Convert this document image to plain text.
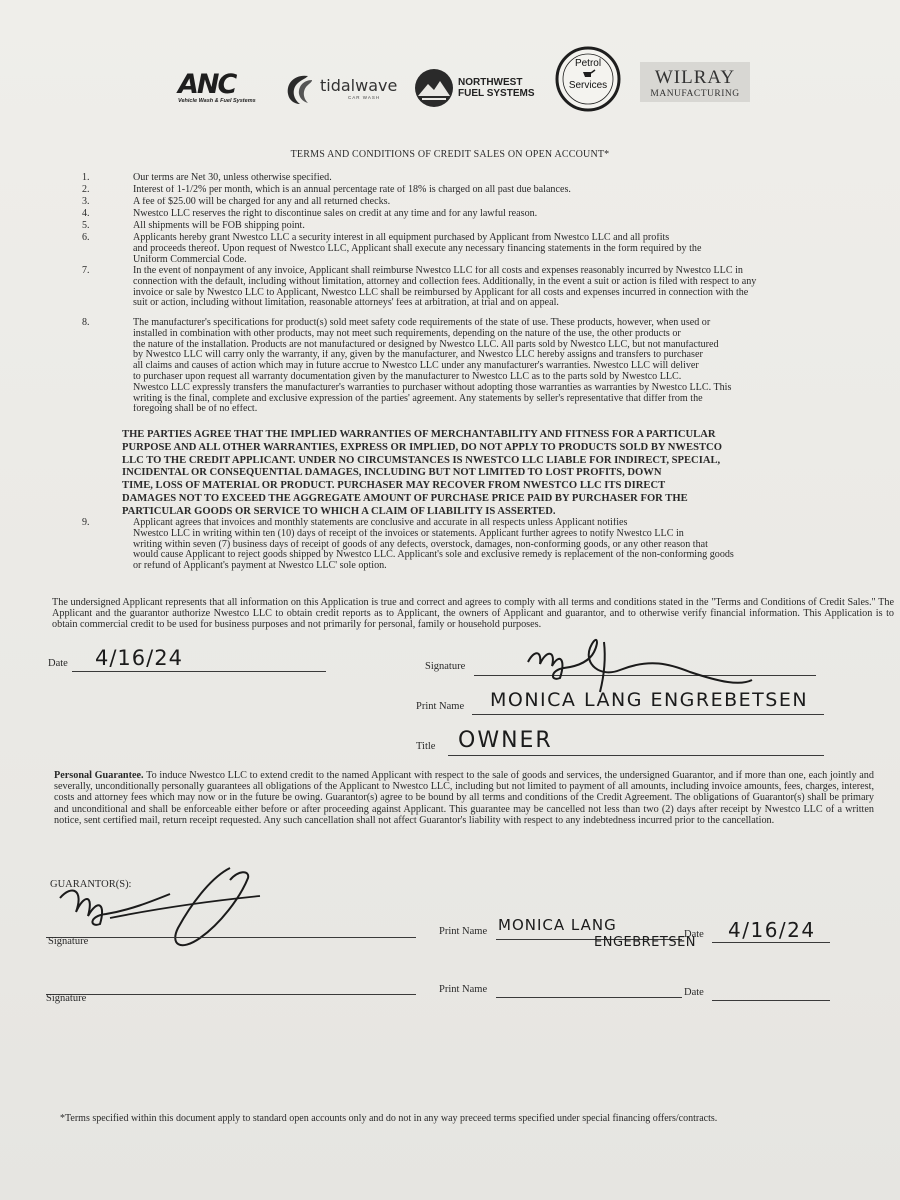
ANC
Vehicle Wash & Fuel Systems
tidalwave
CAR WASH
NORTHWEST
FUEL SYSTEMS
Petrol
Services	WILRAY
MANUFACTURING
TERMS AND CONDITIONS OF CREDIT SALES ON OPEN ACCOUNT*
1.	Our terms are Net 30, unless otherwise specified.
2.	Interest of 1-1/2% per month, which is an annual percentage rate of 18% is charged on all past due balances.
3.	A fee of $25.00 will be charged for any and all returned checks.
4.	Nwestco LLC reserves the right to discontinue sales on credit at any time and for any lawful reason.
5.	All shipments will be FOB shipping point.
6.	Applicants hereby grant Nwestco LLC a security interest in all equipment purchased by Applicant from Nwestco LLC and all profits
and proceeds thereof. Upon request of Nwestco LLC, Applicant shall execute any necessary financing statements in the form required by the
Uniform Commercial Code.
7.	In the event of nonpayment of any invoice, Applicant shall reimburse Nwestco LLC for all costs and expenses reasonably incurred by Nwestco LLC in
connection with the default, including without limitation, attorney and collection fees. Additionally, in the event a suit or action is filed with respect to any
invoice or sale by Nwestco LLC to Applicant, Nwestco LLC shall be reimbursed by Applicant for all costs and expenses incurred in connection with the
suit or action, including without limitation, reasonable attorneys' fees at arbitration, at trial and on appeal.
8.	The manufacturer's specifications for product(s) sold meet safety code requirements of the state of use. These products, however, when used or
installed in combination with other products, may not meet such requirements, depending on the nature of the use, the other products or
the nature of the installation. Products are not manufactured or designed by Nwestco LLC. All parts sold by Nwestco LLC, but not manufactured
by Nwestco LLC will carry only the warranty, if any, given by the manufacturer, and Nwestco LLC hereby assigns and transfers to purchaser
all claims and causes of action which may in future accrue to Nwestco LLC under any manufacturer's warranties. Nwestco LLC will deliver
to purchaser upon request all warranty documentation given by the manufacturer to Nwestco LLC as to the parts sold by Nwestco LLC.
Nwestco LLC expressly transfers the manufacturer's warranties to purchaser without adopting those warranties as warranties by Nwestco LLC. This
writing is the final, complete and exclusive expression of the parties' agreement. Any statements by seller's representative that differ from the
foregoing shall be of no effect.
THE PARTIES AGREE THAT THE IMPLIED WARRANTIES OF MERCHANTABILITY AND FITNESS FOR A PARTICULAR
PURPOSE AND ALL OTHER WARRANTIES, EXPRESS OR IMPLIED, DO NOT APPLY TO PRODUCTS SOLD BY NWESTCO
LLC TO THE CREDIT APPLICANT. UNDER NO CIRCUMSTANCES IS NWESTCO LLC LIABLE FOR INDIRECT, SPECIAL,
INCIDENTAL OR CONSEQUENTIAL DAMAGES, INCLUDING BUT NOT LIMITED TO LOST PROFITS, DOWN
TIME, LOSS OF MATERIAL OR PRODUCT. PURCHASER MAY RECOVER FROM NWESTCO LLC ITS DIRECT
DAMAGES NOT TO EXCEED THE AGGREGATE AMOUNT OF PURCHASE PRICE PAID BY PURCHASER FOR THE
PARTICULAR GOODS OR SERVICE TO WHICH A CLAIM OF LIABILITY IS ASSERTED.
9.	Applicant agrees that invoices and monthly statements are conclusive and accurate in all respects unless Applicant notifies
Nwestco LLC in writing within ten (10) days of receipt of the invoices or statements. Applicant further agrees to notify Nwestco LLC in
writing within seven (7) business days of receipt of goods of any defects, overstock, damages, non-conforming goods, or any other reason that
would cause Applicant to reject goods shipped by Nwestco LLC. Applicant's sole and exclusive remedy is replacement of the non-conforming goods
or refund of Applicant's payment at Nwestco LLC' sole option.
The undersigned Applicant represents that all information on this Application is true and correct and agrees to comply with all terms and conditions stated in the "Terms and Conditions of Credit Sales." The Applicant and the guarantor authorize Nwestco LLC to obtain credit reports as to Applicant, the owners of Applicant and guarantor, and to otherwise verify financial information. This Application is to obtain commercial credit to be used for business purposes and not primarily for personal, family or household purposes.
Date 4/16/24	Signature
Print Name MONICA LANG ENGREBETSEN
Title OWNER
Personal Guarantee. To induce Nwestco LLC to extend credit to the named Applicant with respect to the sale of goods and services, the undersigned Guarantor, and if more than one, each jointly and severally, unconditionally personally guarantees all obligations of the Applicant to Nwestco LLC, including but not limited to payment of all amounts, including invoice amounts, fees, charges, interest, costs and attorney fees which may now or in the future be owing. Guarantor(s) agree to be bound by all terms and conditions of the Credit Agreement. The obligations of Guarantor(s) shall be primary and unconditional and shall be enforceable either before or after proceeding against Applicant. This guarantee may be cancelled not less than two (2) days after receipt by Nwestco LLC of a written notice, sent certified mail, return receipt requested. Any such cancellation shall not affect Guarantor's liability with respect to any indebtedness incurred prior to the cancellation.
GUARANTOR(S):
Signature
Print Name MONICA LANG
ENGEBRETSEN
Date 4/16/24
Signature
Print Name	Date
*Terms specified within this document apply to standard open accounts only and do not in any way preceed terms specified under special financing offers/contracts.
